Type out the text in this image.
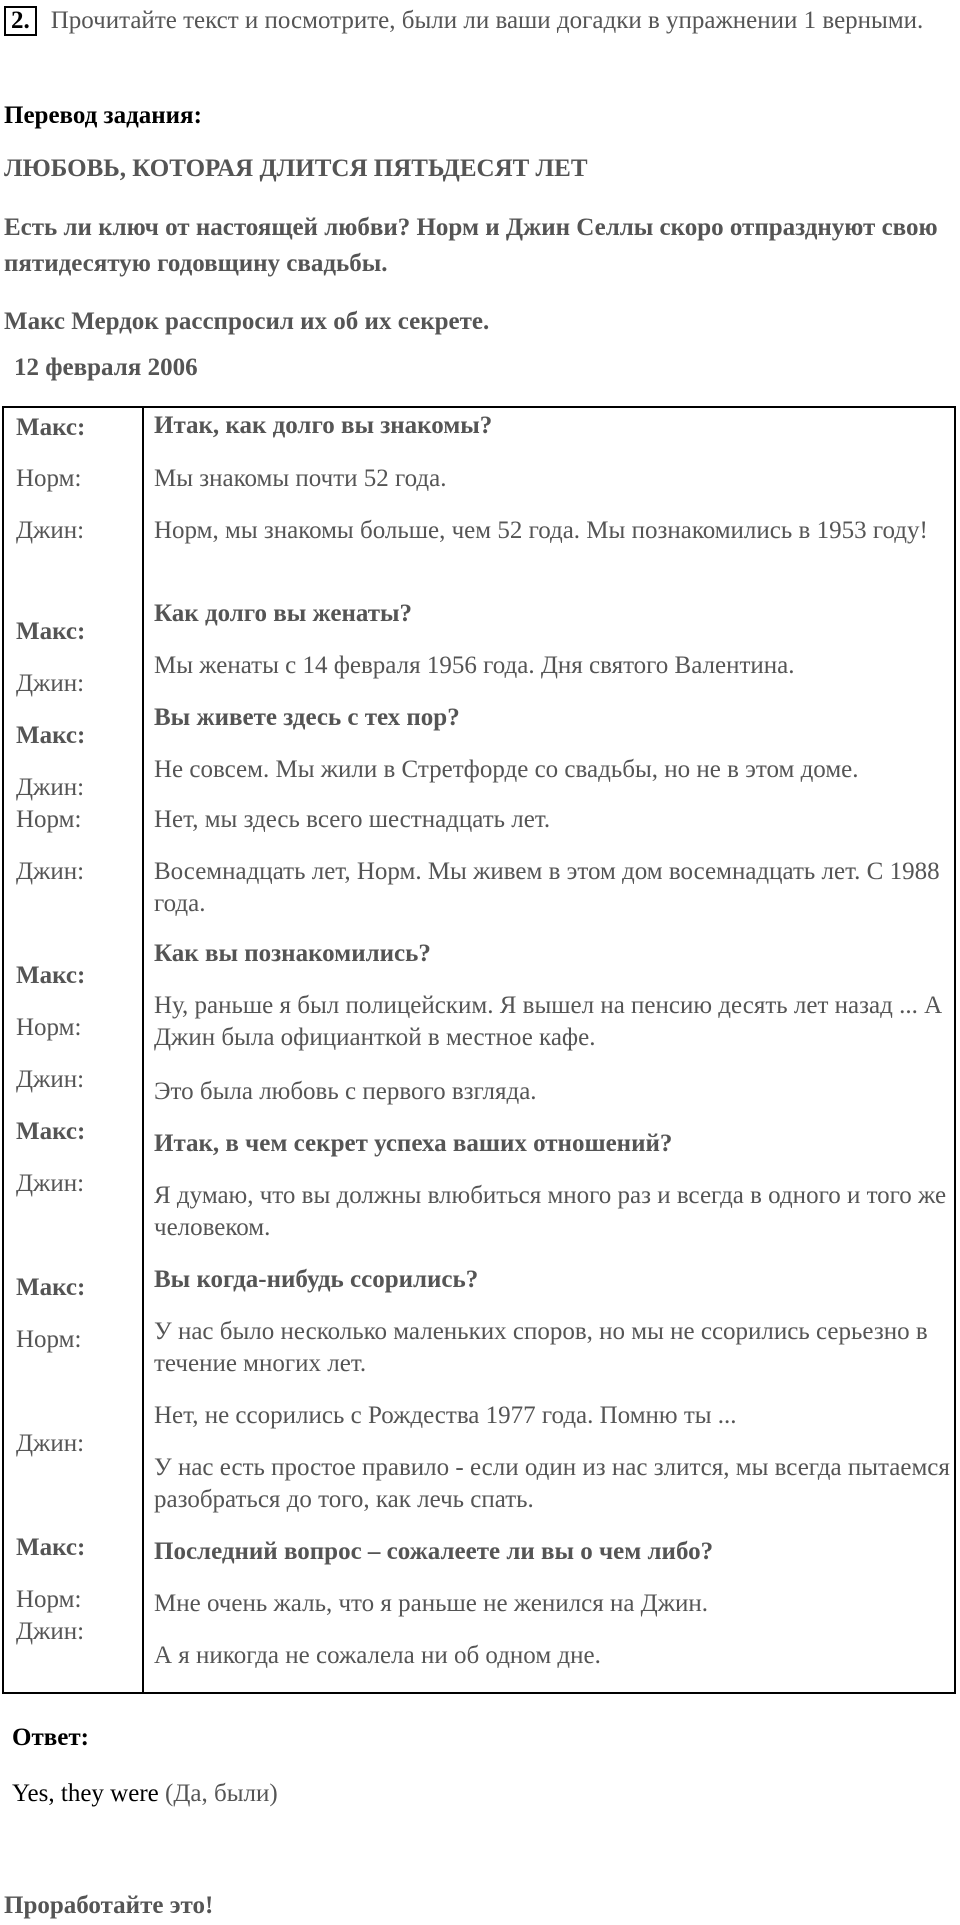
2. Прочитайте текст и посмотрите, были ли ваши догадки в упражнении 1 верными.
Перевод задания:
ЛЮБОВЬ, КОТОРАЯ ДЛИТСЯ ПЯТЬДЕСЯТ ЛЕТ
Есть ли ключ от настоящей любви? Норм и Джин Селлы скоро отпразднуют свою пятидесятую годовщину свадьбы.
Макс Мердок расспросил их об их секрете.
12 февраля 2006
Макс:
Норм:
Джин:
Макс:
Джин:
Макс:
Джин:
Норм:
Джин:
Макс:
Норм:
Джин:
Макс:
Джин:
Макс:
Норм:
Джин:
Макс:
Норм:
Джин:
Итак, как долго вы знакомы?
Мы знакомы почти 52 года.
Норм, мы знакомы больше, чем 52 года. Мы познакомились в 1953 году!
Как долго вы женаты?
Мы женаты с 14 февраля 1956 года. Дня святого Валентина.
Вы живете здесь с тех пор?
Не совсем. Мы жили в Стретфорде со свадьбы, но не в этом доме.
Нет, мы здесь всего шестнадцать лет.
Восемнадцать лет, Норм. Мы живем в этом дом восемнадцать лет. С 1988 года.
Как вы познакомились?
Ну, раньше я был полицейским. Я вышел на пенсию десять лет назад ... А Джин была официанткой в местное кафе.
Это была любовь с первого взгляда.
Итак, в чем секрет успеха ваших отношений?
Я думаю, что вы должны влюбиться много раз и всегда в одного и того же человеком.
Вы когда-нибудь ссорились?
У нас было несколько маленьких споров, но мы не ссорились серьезно в течение многих лет.
Нет, не ссорились с Рождества 1977 года. Помню ты ...
У нас есть простое правило - если один из нас злится, мы всегда пытаемся разобраться до того, как лечь спать.
Последний вопрос – сожалеете ли вы о чем либо?
Мне очень жаль, что я раньше не женился на Джин.
А я никогда не сожалела ни об одном дне.
Ответ:
Yes, they were (Да, были)
Проработайте это!
